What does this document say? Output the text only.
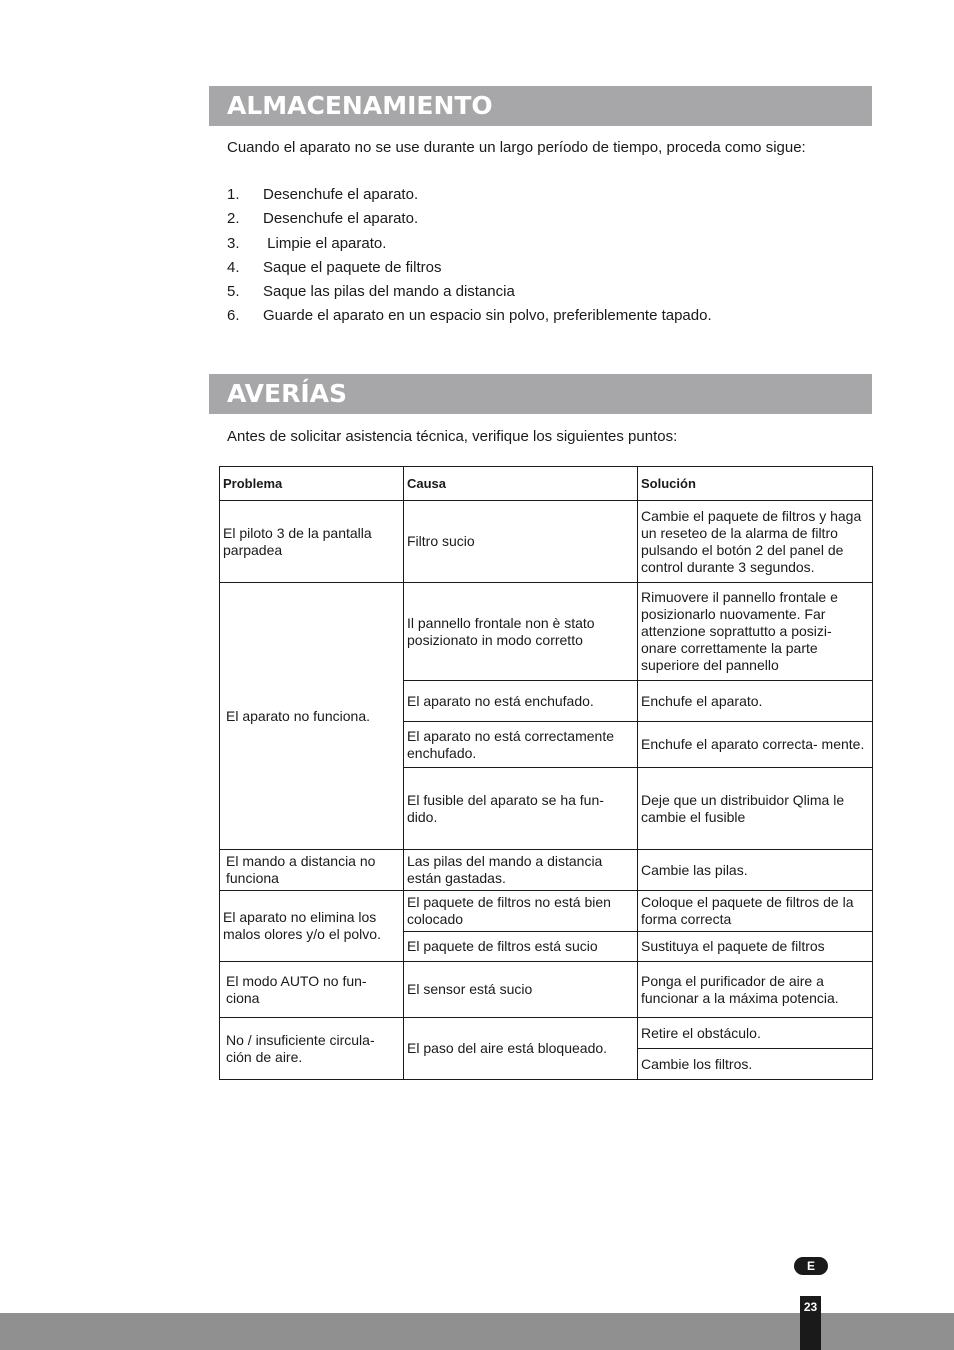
ALMACENAMIENTO
Cuando el aparato no se use durante un largo período de tiempo, proceda como sigue:
1.	Desenchufe el aparato.
2.	Desenchufe el aparato.
3.	Limpie el aparato.
4.	Saque el paquete de filtros
5.	Saque las pilas del mando a distancia
6.	Guarde el aparato en un espacio sin polvo, preferiblemente tapado.
AVERÍAS
Antes de solicitar asistencia técnica, verifique los siguientes puntos:
Problema	Causa	Solución
El piloto 3 de la pantalla parpadea	Filtro sucio	Cambie el paquete de filtros y haga un reseteo de la alarma de filtro pulsando el botón 2 del panel de control durante 3 segundos.
El aparato no funciona.	Il pannello frontale non è stato posizionato in modo corretto	Rimuovere il pannello frontale e posizionarlo nuovamente. Far attenzione soprattutto a posizi- onare correttamente la parte superiore del pannello
	El aparato no está enchufado.	Enchufe el aparato.
	El aparato no está correctamente enchufado.	Enchufe el aparato correcta- mente.
	El fusible del aparato se ha fun- dido.	Deje que un distribuidor Qlima le cambie el fusible
El mando a distancia no funciona	Las pilas del mando a distancia están gastadas.	Cambie las pilas.
El aparato no elimina los malos olores y/o el polvo.	El paquete de filtros no está bien colocado	Coloque el paquete de filtros de la forma correcta
	El paquete de filtros está sucio	Sustituya el paquete de filtros
El modo AUTO no fun- ciona	El sensor está sucio	Ponga el purificador de aire a funcionar a la máxima potencia.
No / insuficiente circula- ción de aire.	El paso del aire está bloqueado.	Retire el obstáculo.
		Cambie los filtros.
E
23
